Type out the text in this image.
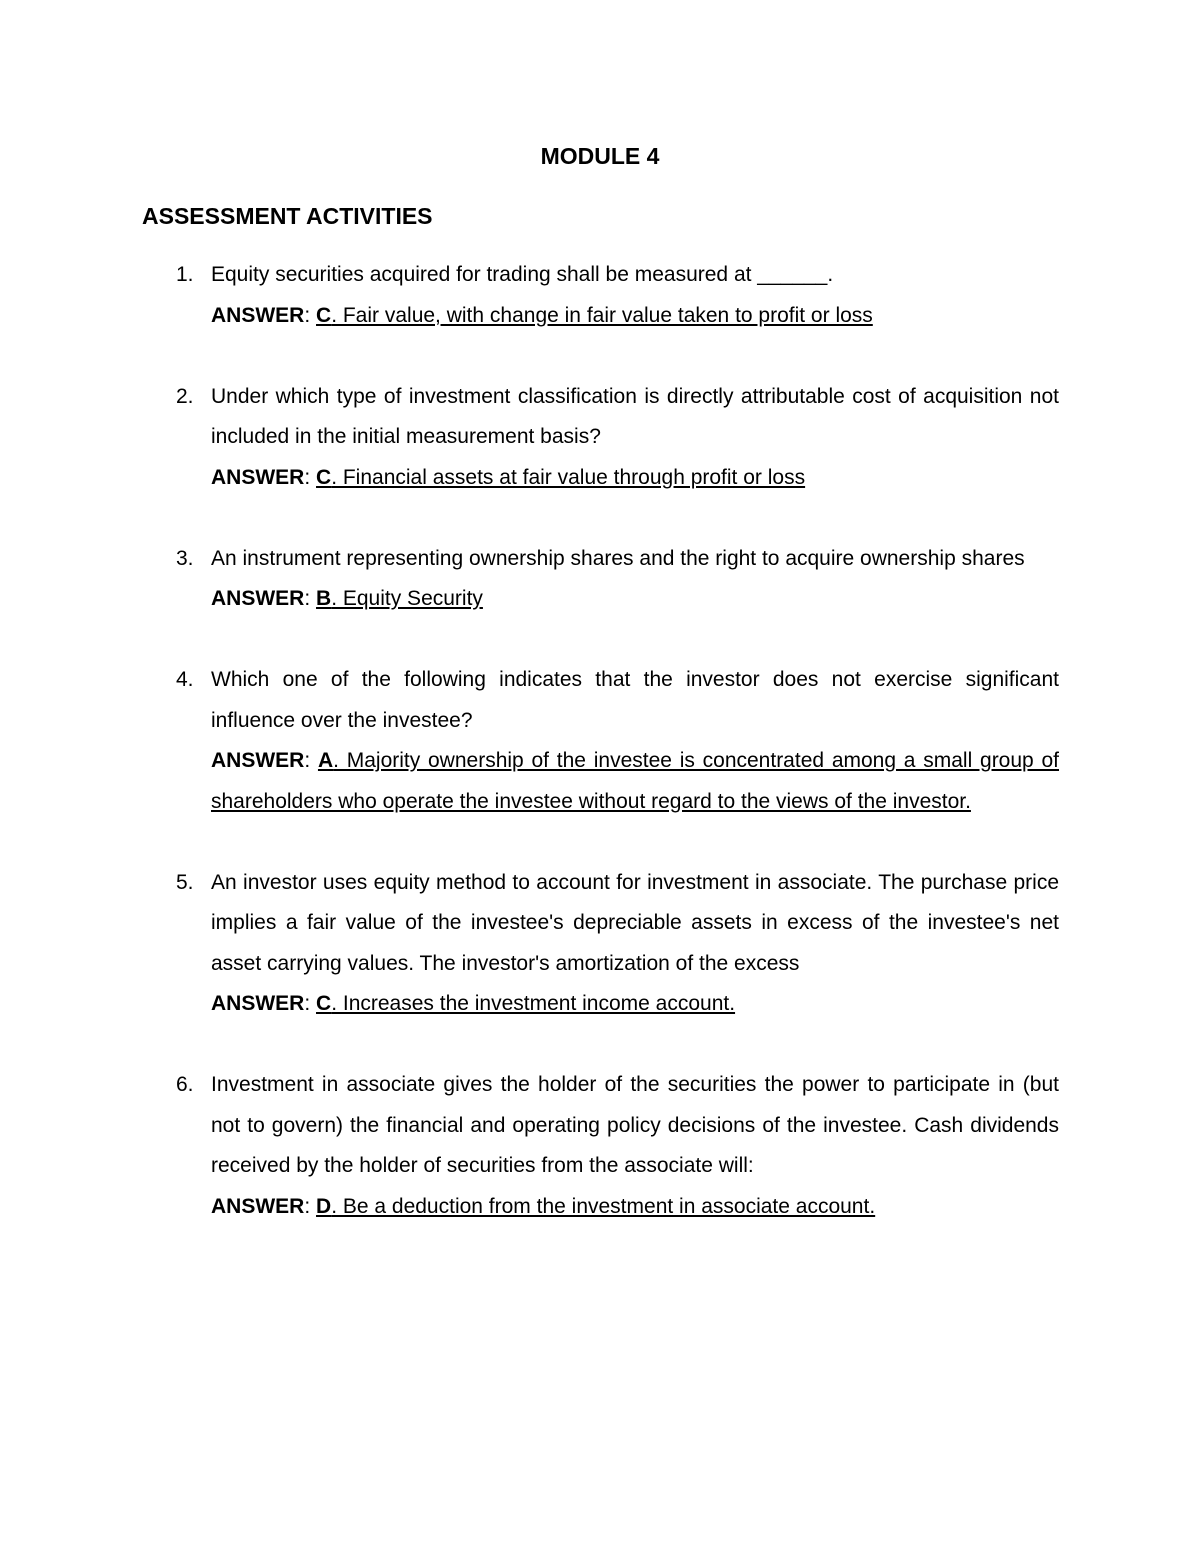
MODULE 4
ASSESSMENT ACTIVITIES
1. Equity securities acquired for trading shall be measured at ______.
ANSWER: C. Fair value, with change in fair value taken to profit or loss
2. Under which type of investment classification is directly attributable cost of acquisition not included in the initial measurement basis?
ANSWER: C. Financial assets at fair value through profit or loss
3. An instrument representing ownership shares and the right to acquire ownership shares
ANSWER: B. Equity Security
4. Which one of the following indicates that the investor does not exercise significant influence over the investee?
ANSWER: A. Majority ownership of the investee is concentrated among a small group of shareholders who operate the investee without regard to the views of the investor.
5. An investor uses equity method to account for investment in associate. The purchase price implies a fair value of the investee's depreciable assets in excess of the investee's net asset carrying values. The investor's amortization of the excess
ANSWER: C. Increases the investment income account.
6. Investment in associate gives the holder of the securities the power to participate in (but not to govern) the financial and operating policy decisions of the investee. Cash dividends received by the holder of securities from the associate will:
ANSWER: D. Be a deduction from the investment in associate account.
